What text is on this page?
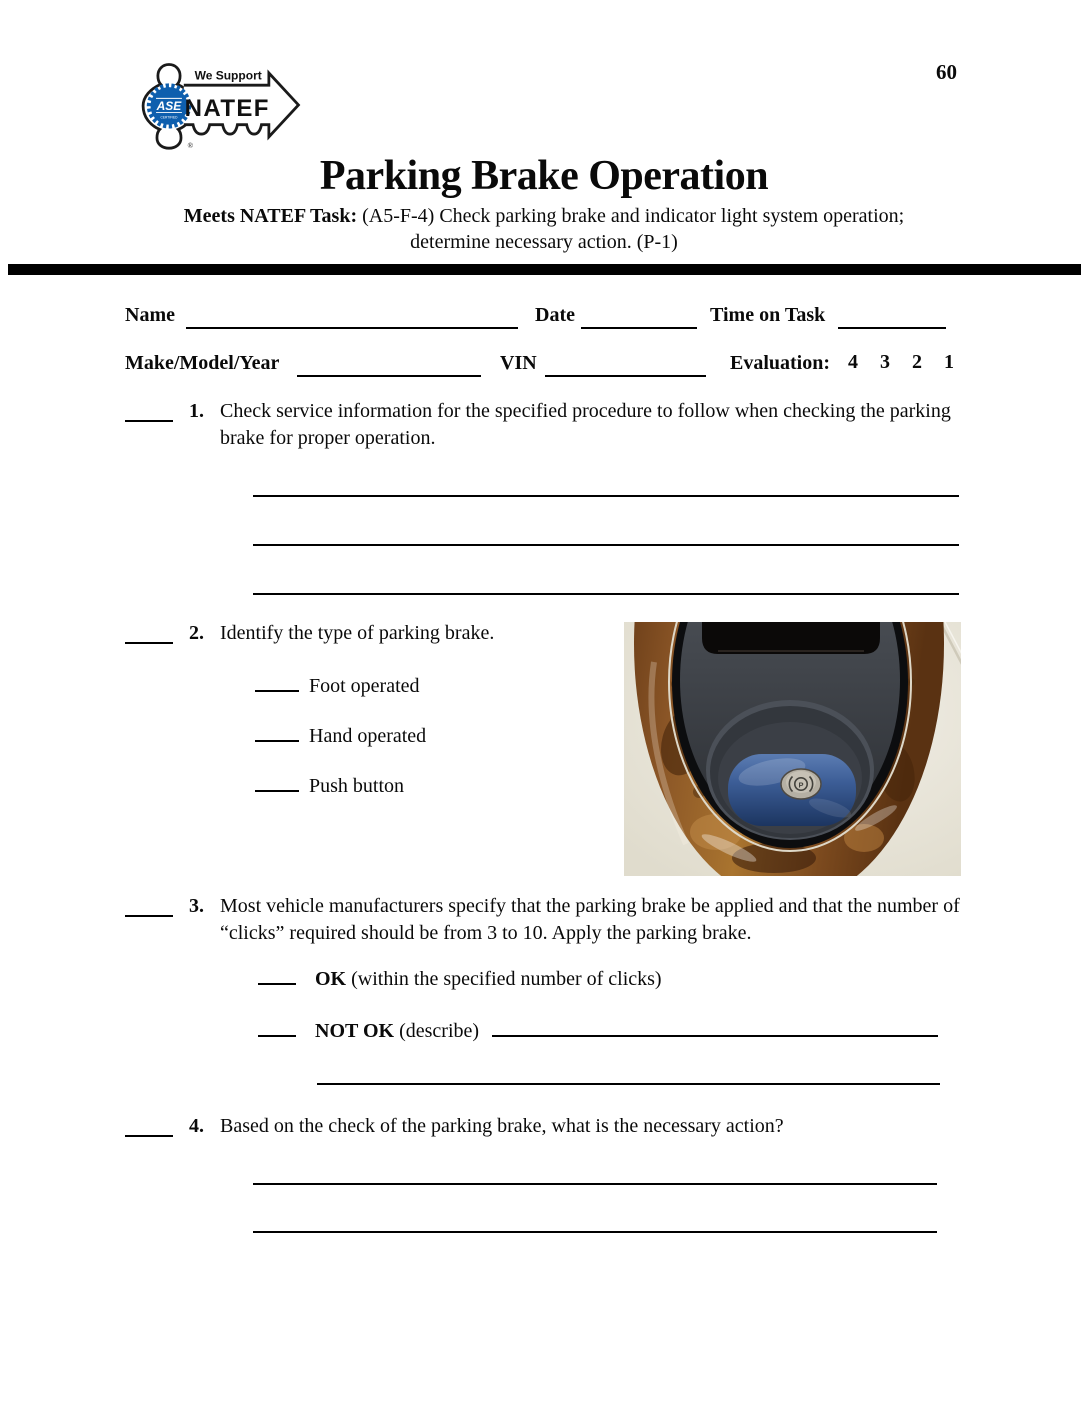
60
ASE
CERTIFIED
We Support
NATEF
®
Parking Brake Operation
Meets NATEF Task: (A5-F-4) Check parking brake and indicator light system operation;
determine necessary action. (P-1)
Name	Date	Time on Task
Make/Model/Year	VIN	Evaluation: 4 3 2 1
1. Check service information for the specified procedure to follow when checking the parking brake for proper operation.
2. Identify the type of parking brake.
Foot operated
Hand operated
Push button	P
3. Most vehicle manufacturers specify that the parking brake be applied and that the number of “clicks” required should be from 3 to 10. Apply the parking brake.
OK (within the specified number of clicks)
NOT OK (describe)
4. Based on the check of the parking brake, what is the necessary action?
